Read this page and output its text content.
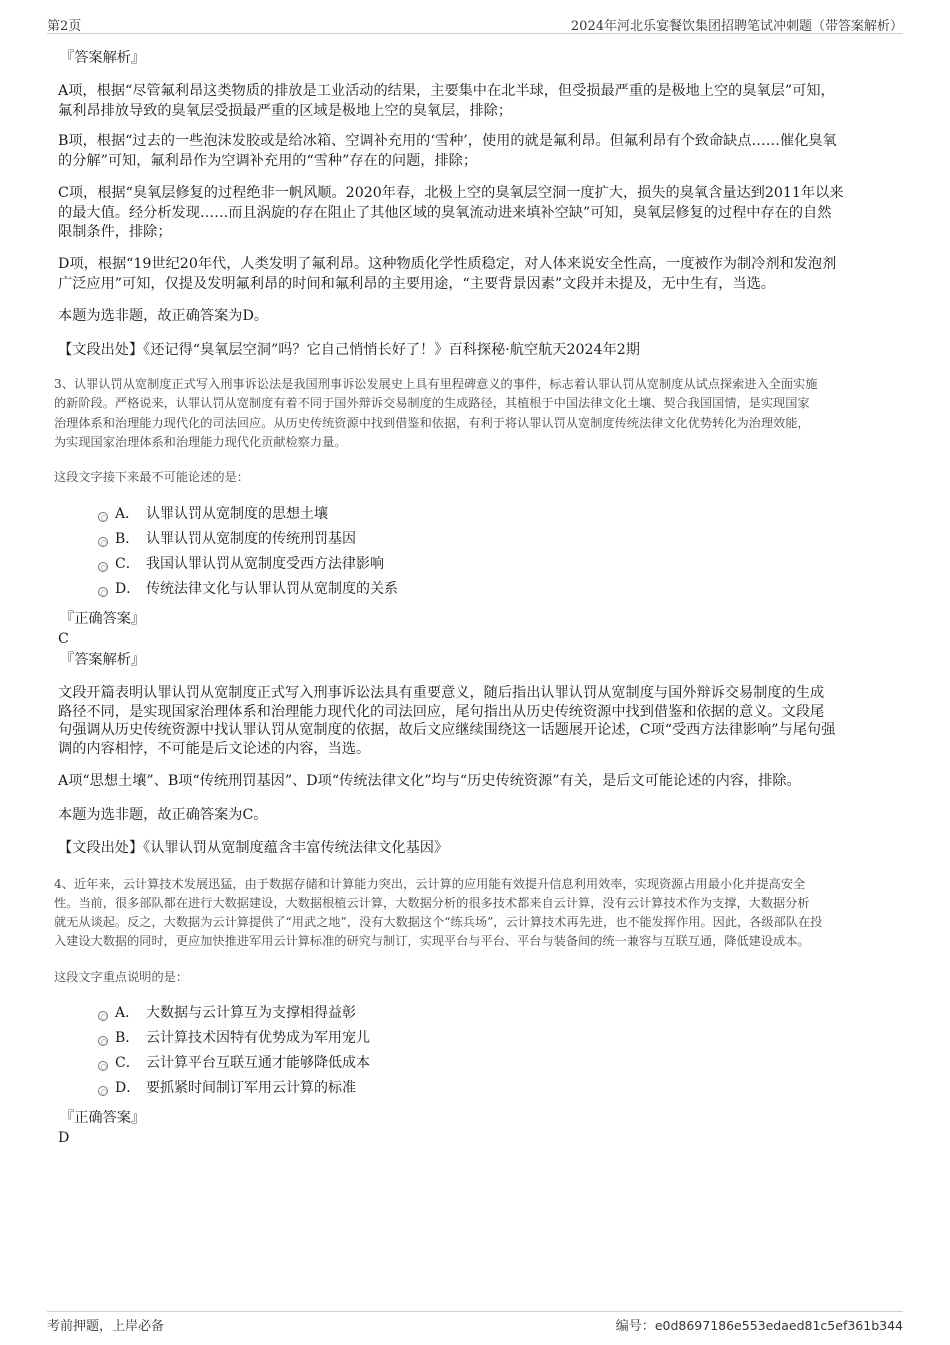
第2页	2024年河北乐宴餐饮集团招聘笔试冲刺题（带答案解析）
『答案解析』
A项，根据“尽管氟利昂这类物质的排放是工业活动的结果，主要集中在北半球，但受损最严重的是极地上空的臭氧层”可知，
氟利昂排放导致的臭氧层受损最严重的区域是极地上空的臭氧层，排除；
B项，根据“过去的一些泡沫发胶或是给冰箱、空调补充用的‘雪种’，使用的就是氟利昂。但氟利昂有个致命缺点……催化臭氧
的分解”可知，氟利昂作为空调补充用的“雪种”存在的问题，排除；
C项，根据“臭氧层修复的过程绝非一帆风顺。2020年春，北极上空的臭氧层空洞一度扩大，损失的臭氧含量达到2011年以来
的最大值。经分析发现……而且涡旋的存在阻止了其他区域的臭氧流动进来填补空缺”可知，臭氧层修复的过程中存在的自然
限制条件，排除；
D项，根据“19世纪20年代，人类发明了氟利昂。这种物质化学性质稳定，对人体来说安全性高，一度被作为制冷剂和发泡剂
广泛应用”可知，仅提及发明氟利昂的时间和氟利昂的主要用途，“主要背景因素”文段并未提及，无中生有，当选。
本题为选非题，故正确答案为D。
【文段出处】《还记得“臭氧层空洞”吗？它自己悄悄长好了！》百科探秘·航空航天2024年2期
3、认罪认罚从宽制度正式写入刑事诉讼法是我国刑事诉讼发展史上具有里程碑意义的事件，标志着认罪认罚从宽制度从试点探索进入全面实施
的新阶段。严格说来，认罪认罚从宽制度有着不同于国外辩诉交易制度的生成路径，其植根于中国法律文化土壤、契合我国国情，是实现国家
治理体系和治理能力现代化的司法回应。从历史传统资源中找到借鉴和依据，有利于将认罪认罚从宽制度传统法律文化优势转化为治理效能，
为实现国家治理体系和治理能力现代化贡献检察力量。
这段文字接下来最不可能论述的是：
A． 认罪认罚从宽制度的思想土壤
B． 认罪认罚从宽制度的传统刑罚基因
C． 我国认罪认罚从宽制度受西方法律影响
D． 传统法律文化与认罪认罚从宽制度的关系
『正确答案』
C
『答案解析』
文段开篇表明认罪认罚从宽制度正式写入刑事诉讼法具有重要意义，随后指出认罪认罚从宽制度与国外辩诉交易制度的生成
路径不同，是实现国家治理体系和治理能力现代化的司法回应，尾句指出从历史传统资源中找到借鉴和依据的意义。文段尾
句强调从历史传统资源中找认罪认罚从宽制度的依据，故后文应继续围绕这一话题展开论述，C项“受西方法律影响”与尾句强
调的内容相悖，不可能是后文论述的内容，当选。
A项“思想土壤”、B项“传统刑罚基因”、D项“传统法律文化”均与“历史传统资源”有关，是后文可能论述的内容，排除。
本题为选非题，故正确答案为C。
【文段出处】《认罪认罚从宽制度蕴含丰富传统法律文化基因》
4、近年来，云计算技术发展迅猛，由于数据存储和计算能力突出，云计算的应用能有效提升信息利用效率，实现资源占用最小化并提高安全
性。当前，很多部队都在进行大数据建设，大数据根植云计算，大数据分析的很多技术都来自云计算，没有云计算技术作为支撑，大数据分析
就无从谈起。反之，大数据为云计算提供了“用武之地”，没有大数据这个“练兵场”，云计算技术再先进，也不能发挥作用。因此，各级部队在投
入建设大数据的同时，更应加快推进军用云计算标准的研究与制订，实现平台与平台、平台与装备间的统一兼容与互联互通，降低建设成本。
这段文字重点说明的是：
A． 大数据与云计算互为支撑相得益彰
B． 云计算技术因特有优势成为军用宠儿
C． 云计算平台互联互通才能够降低成本
D． 要抓紧时间制订军用云计算的标准
『正确答案』
D
考前押题，上岸必备	编号：e0d8697186e553edaed81c5ef361b344
